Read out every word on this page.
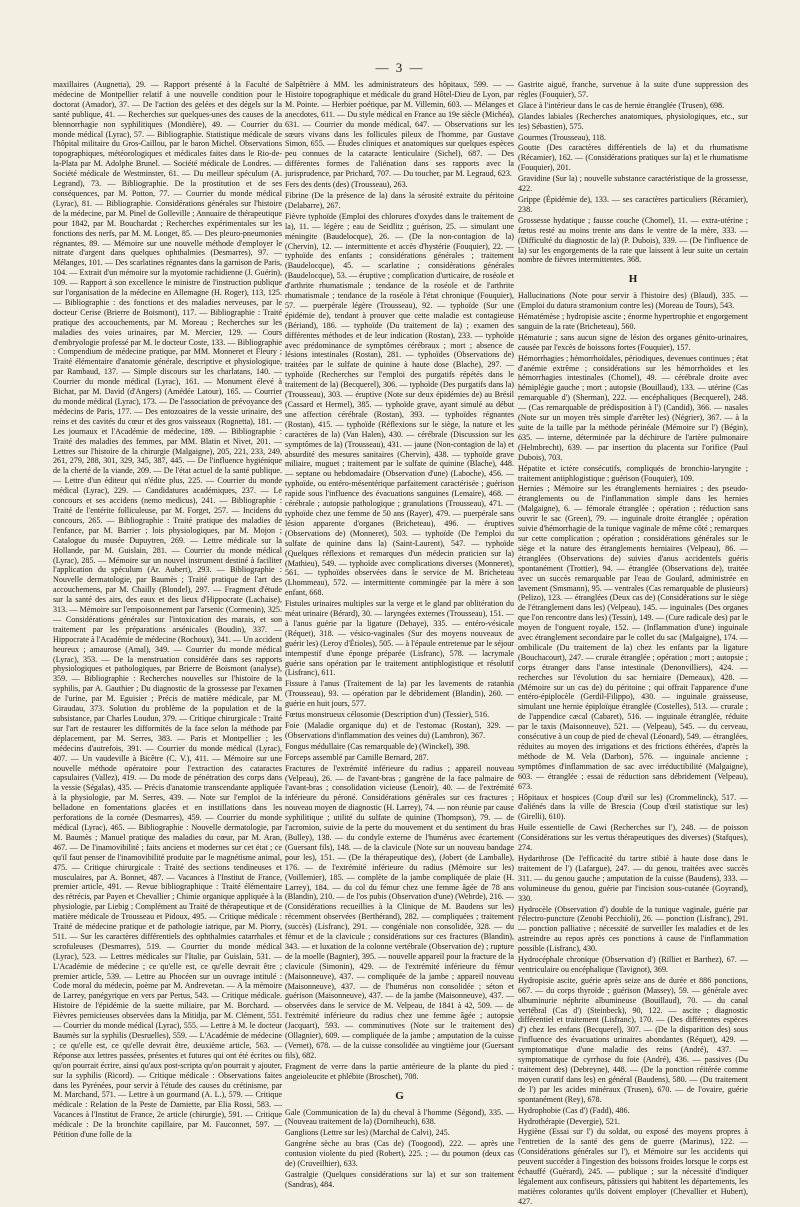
— 3 —

maxillaires (Augnetta), 29. — Rapport présenté à la Faculté de médecine de Montpellier relatif à une nouvelle condition pour le doctorat (Amador), 37. — De l'action des gelées et des dégels sur la santé publique, 41. — Recherches sur quelques-unes des causes de la blennorrhagie non syphilitiques (Mondière), 49. — Courrier du monde médical (Lyrac), 57. — Bibliographie. Statistique médicale de l'hôpital militaire du Gros-Caillou, par le baron Michel. Observations topographiques, météorologiques et médicales faites dans le Rio-de-la-Plata par M. Adolphe Brunel. — Société médicale de Londres. — Société médicale de Westminster, 61. — Du meilleur spéculum (A. Legrand), 73. — Bibliographie. De la prostitution et de ses conséquences, par M. Potton, 77. — Courrier du monde médical (Lyrac), 81. — Bibliographie. Considérations générales sur l'histoire de la médecine, par M. Pinel de Golleville ; Annuaire de thérapeutique pour 1842, par M. Bouchardat ; Recherches expérimentales sur les fonctions des nerfs, par M. M. Longet, 85. — Des pleuro-pneumonies régnantes, 89. — Mémoire sur une nouvelle méthode d'employer le nitrate d'argent dans quelques ophthalmies (Desmarres), 97. — Mélanges, 101. — Des scarlatines régnantes dans la garnison de Paris, 104. — Extrait d'un mémoire sur la myotomie rachidienne (J. Guérin), 109. — Rapport à son excellence le ministre de l'instruction publique sur l'organisation de la médecine en Allemagne (H. Roger), 113, 125. — Bibliographie : des fonctions et des maladies nerveuses, par le docteur Cerise (Brierre de Boismont), 117. — Bibliographie : Traité pratique des accouchements, par M. Moreau ; Recherches sur les maladies des voies urinaires, par M. Mercier, 129. — Cours d'embryologie professé par M. le docteur Coste, 133. — Bibliographie : Compendium de médecine pratique, par MM. Monneret et Fleury ; Traité élémentaire d'anatomie générale, descriptive et physiologique, par Rambaud, 137. — Simple discours sur les charlatans, 140. — Courrier du monde médical (Lyrac), 161. — Monument élevé à Bichat, par M. David (d'Angers) (Amédée Latour), 165. — Courrier du monde médical (Lyrac), 173. — De l'association de prévoyance des médecins de Paris, 177. — Des entozoaires de la vessie urinaire, des reins et des cavités du cœur et des gros vaisseaux (Rognetta), 181. — Les journaux et l'Académie de médecine, 189. — Bibliographie : Traité des maladies des femmes, par MM. Blatin et Nivet, 201. — Lettres sur l'histoire de la chirurgie (Malgaigne), 205, 221, 233, 249, 261, 279, 288, 301, 329, 345, 387, 445. — De l'influence hygiénique de la cherté de la viande, 209. — De l'état actuel de la santé publique. — Lettre d'un éditeur qui n'édite plus, 225. — Courrier du monde médical (Lyrac), 229. — Candidatures académiques, 237. — Le concours et ses accidens (nemo medicus), 241. — Bibliographie : Traité de l'entérite folliculeuse, par M. Forget, 257. — Incidens du concours, 265. — Bibliographie : Traité pratique des maladies de l'enfance, par M. Barrier ; lois physiologiques, par M. Mojon ; Catalogue du musée Dupuytren, 269. — Lettre médicale sur la Hollande, par M. Guislain, 281. — Courrier du monde médical (Lyrac), 285. — Mémoire sur un nouvel instrument destiné à faciliter l'application du spéculum (Ar. Aubert), 293. — Bibliographie : Nouvelle dermatologie, par Baumès ; Traité pratique de l'art des accouchemens, par M. Chailly (Blondel), 297. — Fragment d'étude sur la santé des airs, des eaux et des lieux d'Hippocrate (Lachaise), 313. — Mémoire sur l'empoisonnement par l'arsenic (Cormenin), 325. — Considérations générales sur l'intoxication des marais, et son traitement par les préparations arsénicales (Boudin), 337. — Hippocrate à l'Académie de médecine (Rochoux), 341. — Un accident heureux ; amaurose (Amal), 349. — Courrier du monde médical (Lyrac), 353. — De la menstruation considérée dans ses rapports physiologiques et pathologiques, par Brierre de Boismont (analyse), 359. — Bibliographie : Recherches nouvelles sur l'histoire de la syphilis, par A. Gauthier ; Du diagnostic de la grossesse par l'examen de l'urine, par M. Eguisier ; Précis de matière médicale, par M. Giraudau, 373. Solution du problème de la population et de la subsistance, par Charles Loudun, 379. — Critique chirurgicale : Traité sur l'art de restaurer les difformités de la face selon la méthode par déplacement, par M. Serres, 383. — Paris et Montpellier ; les médecins d'autrefois, 391. — Courrier du monde médical (Lyrac), 407. — Un vaudeville à Bicêtre (C. V.), 411. — Mémoire sur une nouvelle méthode opératoire pour l'extraction des cataractes capsulaires (Vallez), 419. — Du mode de pénétration des corps dans la vessie (Ségalas), 435. — Précis d'anatomie transcendante appliquée à la physiologie, par M. Serres, 439. — Note sur l'emploi de la belladone en fomentations glacées et en instillations dans les perforations de la cornée (Desmarres), 459. — Courrier du monde médical (Lyrac), 465. — Bibliographie : Nouvelle dermatologie, par M. Baumès ; Manuel pratique des maladies du cœur, par M. Aran, 467. — De l'inamovibilité ; faits anciens et modernes sur cet état ; ce qu'il faut penser de l'inamovibilité produite par le magnétisme animal, 475. — Critique chirurgicale : Traité des sections tendineuses et musculaires, par A. Bonnet, 487. — Vacances à l'Institut de France, premier article, 491. — Revue bibliographique : Traité élémentaire des rétrécis, par Payen et Chevallier ; Chimie organique appliquée à la physiologie, par Liebig ; Complément au Traité de thérapeutique et de matière médicale de Trousseau et Pidoux, 495. — Critique médicale : Traité de médecine pratique et de pathologie iatrique, par M. Piorry, 511. — Sur les caractères différentiels des ophthalmies catarrhales et scrofuleuses (Desmarres), 519. — Courrier du monde médical (Lyrac), 523. — Lettres médicales sur l'Italie, par Guislain, 531. — L'Académie de médecine ; ce qu'elle est, ce qu'elle devrait être ; premier article, 539. — Lettre au Phocéen sur un ouvrage intitulé : Code moral du médecin, poème par M. Andrevetan. — A la mémoire de Larrey, panégyrique en vers par Pertus, 543. — Critique médicale. Histoire de l'épidémie de la suette miliaire, par M. Borchard. — Fièvres pernicieuses observées dans la Mitidja, par M. Clément, 551. — Courrier du monde médical (Lyrac), 555. — Lettre à M. le docteur Baumès sur la syphilis (Desruelles), 559. — L'Académie de médecine ; ce qu'elle est, ce qu'elle devrait être, deuxième article, 563. — Réponse aux lettres passées, présentes et futures qui ont été écrites ou qu'on pourrait écrire, ainsi qu'aux post-scripta qu'on pourrait y ajouter, sur la syphilis (Ricord). — Critique médicale : Observations faites dans les Pyrénées, pour servir à l'étude des causes du crétinisme, par M. Marchand, 571. — Lettre à un gourmand (A. L.), 579. — Critique médicale : Relation de la Peste de Damiette, par Elia Rossi, 583. — Vacances à l'Institut de France, 2e article (chirurgie), 591. — Critique médicale : De la bronchite capillaire, par M. Fauconnet, 597. — Pétition d'une folle de la

Salpêtrière à MM. les administrateurs des hôpitaux, 599. — — Histoire topographique et médicale du grand Hôtel-Dieu de Lyon, par M. Pointe. — Herbier poétique, par M. Villemin, 603. — Mélanges et anecdotes, 611. — Du style médical en France au 19e siècle (Michéa), 631. — Courrier du monde médical, 647. — Observations sur les sœurs vivans dans les follicules pileux de l'homme, par Gustave Simon, 655. — Études cliniques et anatomiques sur quelques espèces peu connues de la cataracte lenticulaire (Sichel), 687. — Des différentes formes de l'aliénation dans ses rapports avec la jurisprudence, par Prichard, 707. — Du toucher, par M. Legraud, 623.

Fers des dents (des) (Trousseau), 263.

Fibrine (De la présence de la) dans la sérosité extraite du péritoine (Delabarre), 267.

Fièvre typhoïde (Emploi des chlorures d'oxydes dans le traitement de la), 11. — légère ; eau de Seidlitz ; guérison, 25. — simulant une méningite (Baudelocque), 26. — (De la non-contagion de la) (Chervin), 12. — intermittente et accès d'hystérie (Fouquier), 22. — typhoïde des enfants ; considérations générales ; traitement (Baudelocque), 45. — scarlatine ; considérations générales (Baudelocque), 53. — éruptive ; complication d'urticaire, de roséole et d'arthrite rhumatismale ; tendance de la roséole et de l'arthrite rhumatismale ; tendance de la roséole à l'état chronique (Fouquier), 57. — puerpérale légère (Trousseau), 92. — typhoïde (Sur une épidémie de), tendant à prouver que cette maladie est contagieuse (Bériand), 186. — typhoïde (Du traitement de la) ; examen des différentes méthodes et de leur indication (Rostan), 233. — typhoïde avec prédominance de symptômes cérébraux ; mort ; absence de lésions intestinales (Rostan), 281. — typhoïdes (Observations de) traitées par le sulfate de quinine à haute dose (Blache), 297. — typhoïde (Recherches sur l'emploi des purgatifs répétés dans le traitement de la) (Becquerel), 306. — typhoïde (Des purgatifs dans la) (Trousseau), 303. — éruptive (Note sur deux épidémies de) au Brésil (Cassard et Hermel), 385. — typhoïde grave, ayant simulé au début une affection cérébrale (Rostan), 393. — typhoïdes régnantes (Rostan), 415. — typhoïde (Réflexions sur le siège, la nature et les caractères de la) (Van Halen), 430. — cérébrale (Discussion sur les symptômes de la) (Trousseau), 431. — jaune (Non-contagion de la) et absurdité des mesures sanitaires (Chervin), 438. — typhoïde grave miliaire, muguet ; traitement par le sulfate de quinine (Blache), 448. — septane ou hebdomadaire (Observation d'une) (Laboche), 456. — typhoïde, ou entéro-mésentérique parfaitement caractérisée ; guérison rapide sous l'influence des évacuations sanguines (Lemaire), 468. — cérébrale ; autopsie pathologique ; granulations (Trousseau), 471. — typhoïde chez une femme de 50 ans (Rayer), 479. — puerpérale sans lésion apparente d'organes (Bricheteau), 496. — éruptives (Observations de) (Monneret), 503. — typhoïde (De l'emploi du sulfate de quinine dans la) (Saint-Laurent), 547. — typhoïde (Quelques réflexions et remarques d'un médecin praticien sur la) (Mathieu), 549. — typhoïde avec complications diverses (Monneret), 561. — typhoïdes observées dans le service de M. Bricheteau (Lhommeau), 572. — intermittente commingée par la mère à son enfant, 668.

Fistules urinaires multiples sur la verge et le gland par oblitération du méat urinaire (Bérard), 30. — laryngées externes (Trousseau), 151. — à l'anus guérie par la ligature (Dehaye), 335. — entéro-vésicale (Réquet), 318. — vésico-vaginales (Sur des moyens nouveaux de guérir les) (Leroy d'Étioles), 505. — à l'épaule entretenue par le séjour intempestif d'une éponge préparée (Lisfranc), 578. — lacrymale guérie sans opération par le traitement antiphlogistique et résolutif (Lisfranc), 611.

Fissure à l'anus (Traitement de la) par les lavements de ratanhia (Trousseau), 93. — opération par le débridement (Blandin), 260. — guérie en huit jours, 577.

Fœtus monstrueux célosomie (Description d'un) (Tessier), 516.

Foie (Maladie organique du) et de l'estomac (Rostan), 329. — (Observations d'inflammation des veines du) (Lambron), 367.

Fongus médullaire (Cas remarquable de) (Winckel), 398.

Forceps assemblé par Camille Bernard, 287.

Fractures de l'extrémité inférieure du radius ; appareil nouveau (Velpeau), 26. — de l'avant-bras ; gangrène de la face palmaire de l'avant-bras ; consolidation vicieuse (Lenoir), 40. — de l'extrémité inférieure du péroné. Considérations générales sur ces fractures ; nouveau moyen de diagnostic (H. Larrey), 74. — non réunie par cause syphilitique ; utilité du sulfate de quinine (Thompson), 79. — de l'acromion, suivie de la perte du mouvement et du sentiment du bras (Bulley), 138. — du condyle externe de l'humérus avec écartement (Guersant fils), 148. — de la clavicule (Note sur un nouveau bandage pour les), 151. — (De la thérapeutique des), (Jobert (de Lamballe), 176. — de l'extrémité inférieure du radius (Mémoire sur les) (Voillemier), 185. — complète de la jambe compliquée de plaie (H. Larrey), 184. — du col du fémur chez une femme âgée de 78 ans (Blandin), 210. — de l'os pubis (Observation d'une) (Webrde), 216. — (Considérations recueillies à la Clinique de M. Baudens sur les) récemment observées (Berthérand), 282. — compliquées ; traitement (succès) (Lisfranc), 291. — congéniale non consolidée, 328. — du fémur et de la clavicule ; considérations sur ces fractures (Blandin), 343. — et luxation de la colonne vertébrale (Observation de) ; rupture de la moelle (Bagnier), 395. — nouvelle appareil pour la fracture de la clavicule (Simonin), 429. — de l'extrémité inférieure du fémur (Maisonneuve), 437. — compliquée de la jambe ; appareil nouveau (Maisonneuve), 437. — de l'humérus non consolidée ; séton et guérison (Maisonneuve), 437. — de la jambe (Maisonneuve), 437. — observées dans le service de M. Velpeau, de 1841 à 42, 509. — de l'extrémité inférieure du radius chez une femme âgée ; autopsie (Jacquart), 593. — comminutives (Note sur le traitement des) (Ollagnier), 609. — compliquée de la jambe ; amputation de la cuisse (Vernet), 678. — de la cuisse consolidée au vingtième jour (Guersant fils), 682.

Fragment de verre dans la partie antérieure de la plante du pied ; angeioleucite et phlébite (Broschet), 708.

G

Gale (Communication de la) du cheval à l'homme (Ségond), 335. — (Nouveau traitement de la) (Dorniheuch), 638.

Ganglions (Lettre sur les) (Marchal de Calvi), 245.

Gangrène sèche au bras (Cas de) (Toogood), 222. — après une contusion violente du pied (Robert), 225. ; — du poumon (deux cas de) (Cruveilhier), 633.

Gastralgie (Quelques considérations sur la) et sur son traitement (Sandras), 484.

Gastrite aiguë, franche, survenue à la suite d'une suppression des règles (Fouquier), 57.

Glace à l'intérieur dans le cas de hernie étranglée (Trusen), 698.

Glandes labiales (Recherches anatomiques, physiologiques, etc., sur les) Sébastien), 575.

Gourmes (Trousseau), 118.

Goutte (Des caractères différentiels de la) et du rhumatisme (Récamier), 162. — (Considérations pratiques sur la) et le rhumatisme (Fouquier), 201.

Gravidine (Sur la) ; nouvelle substance caractéristique de la grossesse, 422.

Grippe (Épidémie de), 133. — ses caractères particuliers (Récamier), 238.

Grossesse hydatique ; fausse couche (Chomel), 11. — extra-utérine ; fœtus resté au moins trente ans dans le ventre de la mère, 333. — (Difficulté du diagnostic de la) (P. Dubois), 339. — (De l'influence de la) sur les engorgements de la rate que laissent à leur suite un certain nombre de fièvres intermittentes. 368.

H

Hallucinations (Note pour servir à l'histoire des) (Blaud), 335. — (Emploi du datura stramonium contre les) (Moreau de Tours), 543.

Hématémèse ; hydropisie ascite ; énorme hypertrophie et engorgement sanguin de la rate (Bricheteau), 560.

Hématurie ; sans aucun signe de lésion des organes génito-urinaires, causée par l'excès de boissons fortes (Fouquier), 157.

Hémorrhagies ; hémorrhoïdales, périodiques, devenues continues ; état d'anémie extrême ; considérations sur les hémorrhoïdes et les hémorrhagies intestinales (Chomel), 49. — cérébrale droite avec hémiplégie gauche ; mort ; autopsie (Bouillaud), 133. — utérine (Cas remarquable d') (Sherman), 222. — encéphaliques (Becquerel), 248. — (Cas remarquable de prédisposition à l') (Candid), 366. — nasales (Note sur un moyen très simple d'arrêter les) (Négrier), 367. — à la suite de la taille par la méthode périnéale (Mémoire sur l') (Bégin), 635. — interne, déterminée par la déchirure de l'artère pulmonaire (Helmbrecht), 639. — par insertion du placenta sur l'orifice (Paul Dubois), 703.

Hépatite et ictère consécutifs, compliqués de bronchio-laryngite ; traitement antiphlogistique ; guérison (Fouquier), 109.

Hernies ; Mémoire sur les étranglements herniaires ; des pseudo-étranglements ou de l'inflammation simple dans les hernies (Malgaigne), 6. — fémorale étranglée ; opération ; réduction sans ouvrir le sac (Green), 79. — inguinale droite étranglée ; opération suivie d'hémorrhagie de la tunique vaginale de même côté ; remarques sur cette complication ; opération ; considérations générales sur le siège et la nature des étranglements herniaires (Velpeau), 86. — étranglées (Observations de) suivies d'anus accidentels guéris spontanément (Trottier), 94. — étranglée (Observations de), traitée avec un succès remarquable par l'eau de Goulard, administrée en lavement (Smsmann), 95. — ventrales (Cas remarquable de plusieurs) (Pelizo), 123. — étranglées (Deux cas de) (Considérations sur le siège de l'étranglement dans les) (Velpeau), 145. — inguinales (Des organes que l'on rencontre dans les) (Tessin), 149. — (Cure radicale des) par le moyen de l'onguent royale, 152. — (Inflammation d'une) inguinale avec étranglement secondaire par le collet du sac (Malgaigne), 174. — ombilicale (Du traitement de la) chez les enfants par la ligature (Bouchacourt), 247. — crurale étranglée ; opération ; mort ; autopsie ; corps étranger dans l'anse intestinale (Denonvilliers), 424. — recherches sur l'évolution du sac herniaire (Demeaux), 428. — (Mémoire sur un cas de) du péritoine ; qui offrait l'apparence d'une entéro-épiplocèle (Gerdil-Filippo), 430. — inguinale graisseuse, simulant une hernie épiploïque étranglée (Costelles), 513. — crurale ; de l'appendice cæcal (Cabaret), 516. — inguinale étranglée, réduite par le taxis (Maisonneuve), 521. — (Velpeau), 545. — du cerveau, consécutive à un coup de pied de cheval (Léonard), 549. — étranglées, réduites au moyen des irrigations et des frictions éthérées, d'après la méthode de M. Vela (Darbon), 576. — inguinale ancienne ; symptômes d'inflammation de sac avec irréductibilité (Malgaigne), 603. — étranglée ; essai de réduction sans débridement (Velpeau), 673.

Hôpitaux et hospices (Coup d'œil sur les) (Crommelinck), 517. — d'aliénés dans la ville de Brescia (Coup d'œil statistique sur les) (Girelli), 610).

Huile essentielle de Cawi (Recherches sur l'), 248. — de poisson (Considérations sur les vertus thérapeutiques des diverses) (Stafques), 274.

Hydarthrose (De l'efficacité du tartre stibié à haute dose dans le traitement de l') (Lafargue), 247. — du genou, traitées avec succès 311. — du genou gauche ; amputation de la cuisse (Baudens), 333. — volumineuse du genou, guérie par l'incision sous-cutanée (Goyrand), 330.

Hydrocèle (Observation d') double de la tunique vaginale, guérie par l'électro-puncture (Zenobi Pecchioli), 26. — ponction (Lisfranc), 291. — ponction palliative ; nécessité de surveiller les maladies et de les astreindre au repos après ces ponctions à cause de l'inflammation possible (Lisfranc), 430.

Hydrocéphale chronique (Observation d') (Rilliet et Barthez), 67. — ventriculaire ou encéphalique (Tavignot), 369.

Hydropisie ascite, guérie après seize ans de durée et 886 ponctions, 667. — du corps thyroïde ; guérison (Massey), 59. — générale avec albuminurie néphrite albumineuse (Bouillaud), 70. — du canal vertébral (Cas d') (Steinbeck), 90, 122. — ascite ; diagnostic différentiel et traitement (Lisfranc), 170. — (Des différentes espèces d') chez les enfans (Becquerel), 307. — (De la disparition des) sous l'influence des évacuations urinaires abondantes (Réquet), 429. — symptomatique d'une maladie des reins (André), 437. — symptomatique de cyrrhose du foie (André), 436. — passives (Du traitement des) (Debreyne), 448. — (De la ponction réitérée comme moyen curatif dans les) en général (Baudens), 580. — (Du traitement de l') par les acides minéraux (Trusen), 670. — de l'ovaire, guérie spontanément (Rey), 678.

Hydrophobie (Cas d') (Fadd), 486.

Hydrothérapie (Devergie), 521.

Hygiène (Essai sur l') du soldat, ou exposé des moyens propres à l'entretien de la santé des gens de guerre (Marinus), 122. — (Considérations générales sur l'), et Mémoire sur les accidents qui peuvent succéder à l'ingestion des boissons froides lorsque le corps est échauffé (Guérard), 245. — publique ; sur la nécessité d'indiquer légalement aux confiseurs, pâtissiers qui habitent les départements, les matières colorantes qu'ils doivent employer (Chevallier et Hubert), 427.
